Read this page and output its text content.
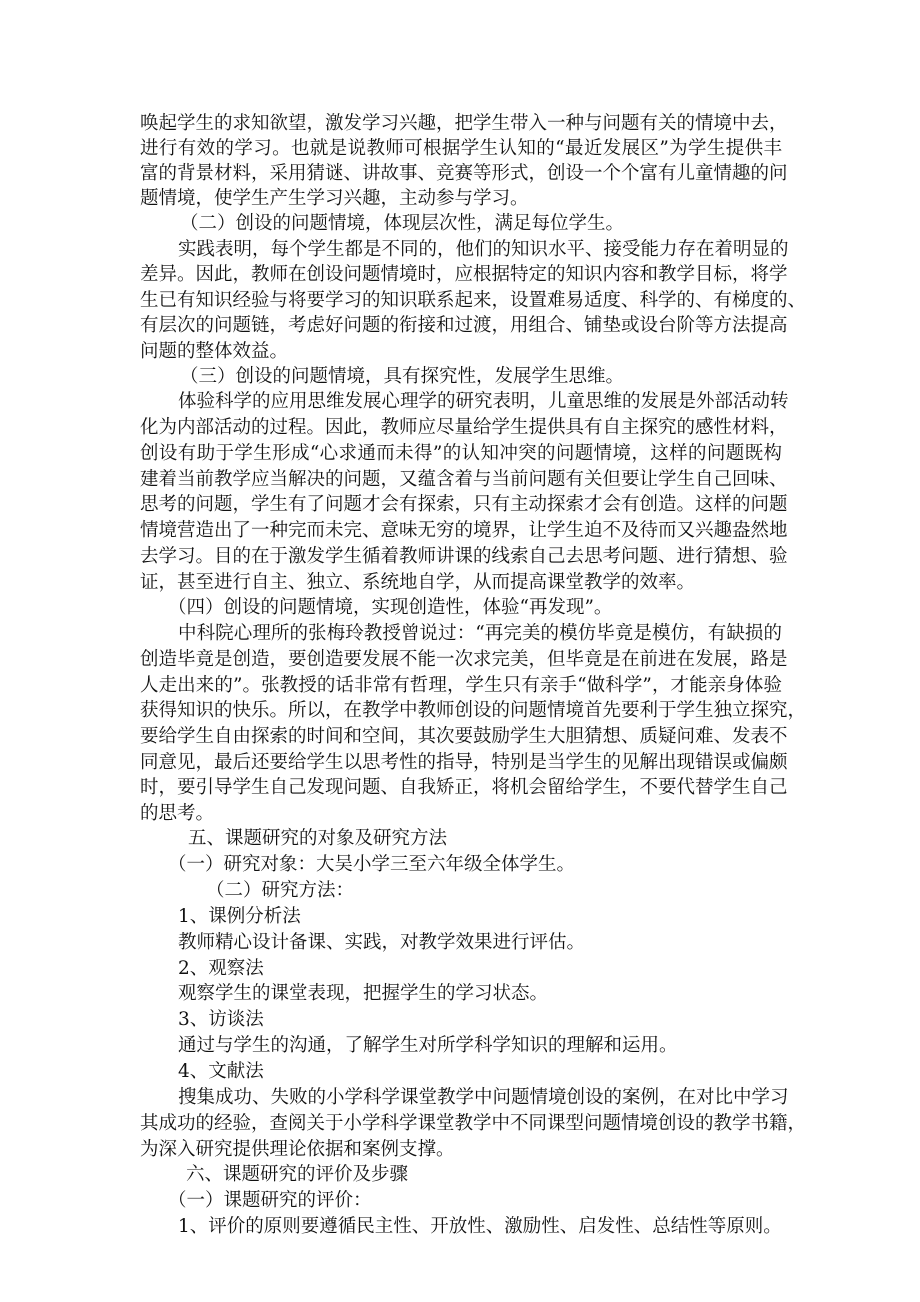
唤起学生的求知欲望，激发学习兴趣，把学生带入一种与问题有关的情境中去，
进行有效的学习。也就是说教师可根据学生认知的“最近发展区”为学生提供丰
富的背景材料，采用猜谜、讲故事、竞赛等形式，创设一个个富有儿童情趣的问
题情境，使学生产生学习兴趣，主动参与学习。
（二）创设的问题情境，体现层次性，满足每位学生。
实践表明，每个学生都是不同的，他们的知识水平、接受能力存在着明显的
差异。因此，教师在创设问题情境时，应根据特定的知识内容和教学目标，将学
生已有知识经验与将要学习的知识联系起来，设置难易适度、科学的、有梯度的、
有层次的问题链，考虑好问题的衔接和过渡，用组合、铺垫或设台阶等方法提高
问题的整体效益。
（三）创设的问题情境，具有探究性，发展学生思维。
体验科学的应用思维发展心理学的研究表明，儿童思维的发展是外部活动转
化为内部活动的过程。因此，教师应尽量给学生提供具有自主探究的感性材料，
创设有助于学生形成“心求通而未得”的认知冲突的问题情境，这样的问题既构
建着当前教学应当解决的问题，又蕴含着与当前问题有关但要让学生自己回味、
思考的问题，学生有了问题才会有探索，只有主动探索才会有创造。这样的问题
情境营造出了一种完而未完、意味无穷的境界，让学生迫不及待而又兴趣盎然地
去学习。目的在于激发学生循着教师讲课的线索自己去思考问题、进行猜想、验
证，甚至进行自主、独立、系统地自学，从而提高课堂教学的效率。
（四）创设的问题情境，实现创造性，体验“再发现”。
中科院心理所的张梅玲教授曾说过：“再完美的模仿毕竟是模仿，有缺损的
创造毕竟是创造，要创造要发展不能一次求完美，但毕竟是在前进在发展，路是
人走出来的”。张教授的话非常有哲理，学生只有亲手“做科学”，才能亲身体验
获得知识的快乐。所以，在教学中教师创设的问题情境首先要利于学生独立探究，
要给学生自由探索的时间和空间，其次要鼓励学生大胆猜想、质疑问难、发表不
同意见，最后还要给学生以思考性的指导，特别是当学生的见解出现错误或偏颇
时，要引导学生自己发现问题、自我矫正，将机会留给学生，不要代替学生自己
的思考。
五、课题研究的对象及研究方法
（一）研究对象：大吴小学三至六年级全体学生。
（二）研究方法：
1、课例分析法
教师精心设计备课、实践，对教学效果进行评估。
2、观察法
观察学生的课堂表现，把握学生的学习状态。
3、访谈法
通过与学生的沟通，了解学生对所学科学知识的理解和运用。
4、文献法
搜集成功、失败的小学科学课堂教学中问题情境创设的案例，在对比中学习
其成功的经验，查阅关于小学科学课堂教学中不同课型问题情境创设的教学书籍，
为深入研究提供理论依据和案例支撑。
六、课题研究的评价及步骤
（一）课题研究的评价：
1、评价的原则要遵循民主性、开放性、激励性、启发性、总结性等原则。
